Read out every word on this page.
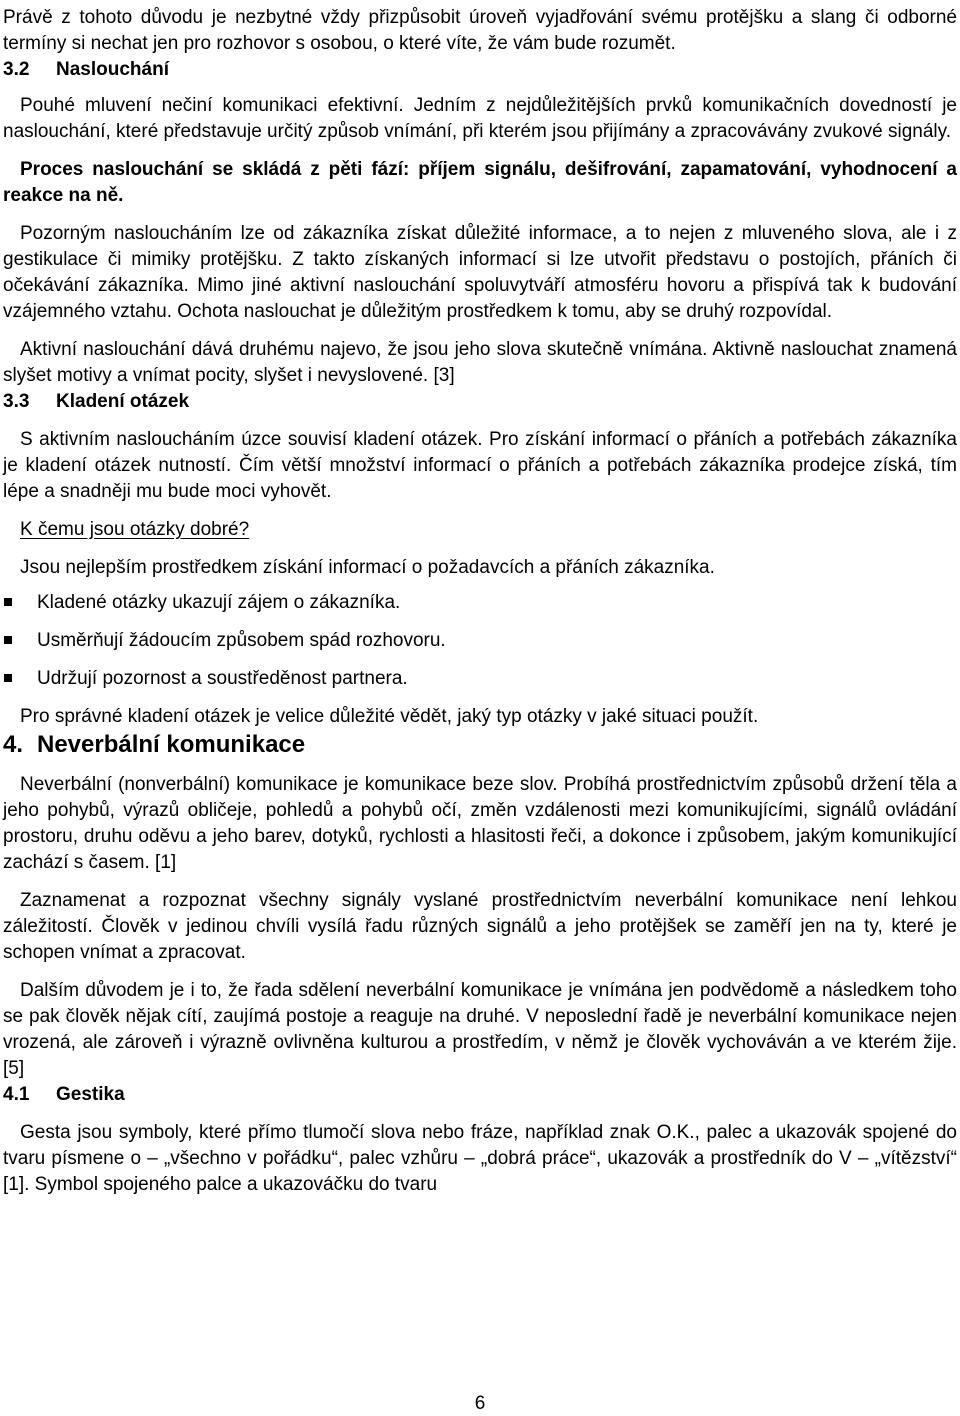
Právě z tohoto důvodu je nezbytné vždy přizpůsobit úroveň vyjadřování svému protějšku a slang či odborné termíny si nechat jen pro rozhovor s osobou, o které víte, že vám bude rozumět.

3.2 Naslouchání

Pouhé mluvení nečiní komunikaci efektivní. Jedním z nejdůležitějších prvků komunikačních dovedností je naslouchání, které představuje určitý způsob vnímání, při kterém jsou přijímány a zpracovávány zvukové signály.

Proces naslouchání se skládá z pěti fází: příjem signálu, dešifrování, zapamatování, vyhodnocení a reakce na ně.

Pozorným nasloucháním lze od zákazníka získat důležité informace, a to nejen z mluveného slova, ale i z gestikulace či mimiky protějšku. Z takto získaných informací si lze utvořit představu o postojích, přáních či očekávání zákazníka. Mimo jiné aktivní naslouchání spoluvytváří atmosféru hovoru a přispívá tak k budování vzájemného vztahu. Ochota naslouchat je důležitým prostředkem k tomu, aby se druhý rozpovídal.

Aktivní naslouchání dává druhému najevo, že jsou jeho slova skutečně vnímána. Aktivně naslouchat znamená slyšet motivy a vnímat pocity, slyšet i nevyslovené. [3]

3.3 Kladení otázek

S aktivním nasloucháním úzce souvisí kladení otázek. Pro získání informací o přáních a potřebách zákazníka je kladení otázek nutností. Čím větší množství informací o přáních a potřebách zákazníka prodejce získá, tím lépe a snadněji mu bude moci vyhovět.

K čemu jsou otázky dobré?

Jsou nejlepším prostředkem získání informací o požadavcích a přáních zákazníka.

Kladené otázky ukazují zájem o zákazníka.
Usměrňují žádoucím způsobem spád rozhovoru.
Udržují pozornost a soustředěnost partnera.

Pro správné kladení otázek je velice důležité vědět, jaký typ otázky v jaké situaci použít.

4. Neverbální komunikace

Neverbální (nonverbální) komunikace je komunikace beze slov. Probíhá prostřednictvím způsobů držení těla a jeho pohybů, výrazů obličeje, pohledů a pohybů očí, změn vzdálenosti mezi komunikujícími, signálů ovládání prostoru, druhu oděvu a jeho barev, dotyků, rychlosti a hlasitosti řeči, a dokonce i způsobem, jakým komunikující zachází s časem. [1]

Zaznamenat a rozpoznat všechny signály vyslané prostřednictvím neverbální komunikace není lehkou záležitostí. Člověk v jedinou chvíli vysílá řadu různých signálů a jeho protějšek se zaměří jen na ty, které je schopen vnímat a zpracovat.

Dalším důvodem je i to, že řada sdělení neverbální komunikace je vnímána jen podvědomě a následkem toho se pak člověk nějak cítí, zaujímá postoje a reaguje na druhé. V neposlední řadě je neverbální komunikace nejen vrozená, ale zároveň i výrazně ovlivněna kulturou a prostředím, v němž je člověk vychováván a ve kterém žije. [5]

4.1 Gestika

Gesta jsou symboly, které přímo tlumočí slova nebo fráze, například znak O.K., palec a ukazovák spojené do tvaru písmene o – „všechno v pořádku“, palec vzhůru – „dobrá práce“, ukazovák a prostředník do V – „vítězství“ [1]. Symbol spojeného palce a ukazováčku do tvaru

6
